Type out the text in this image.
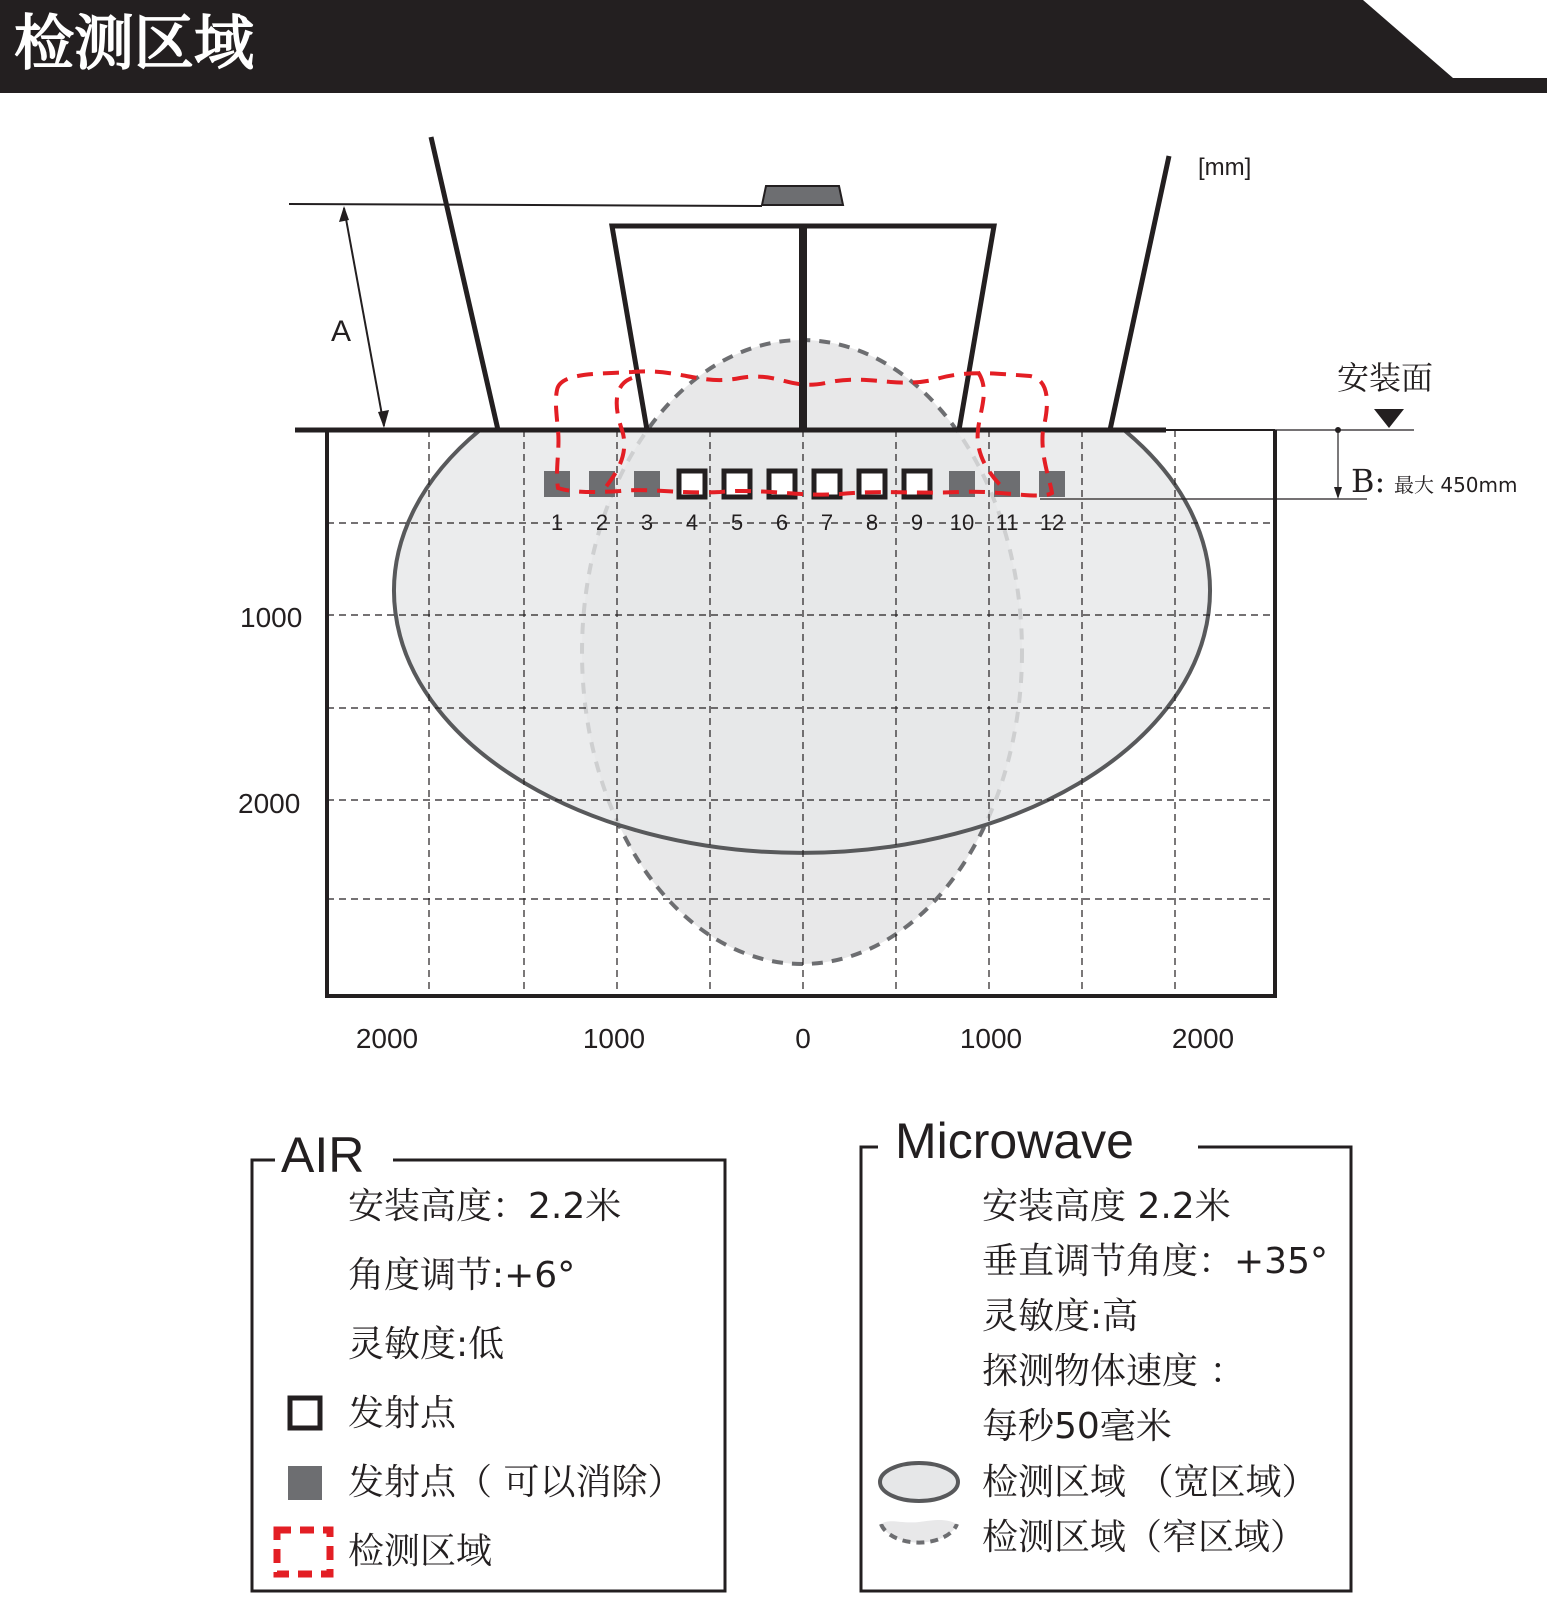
检测区域
[mm]
A
安装面
B: 最大 450mm
1 2 3 4 5 6 7 8 9 10 11 12
1000
2000
2000	1000	0	1000	2000
AIR
安装高度：2.2米
角度调节:+6°
灵敏度:低
发射点
发射点（ 可以消除）
检测区域
Microwave
安装高度 2.2米
垂直调节角度：+35°
灵敏度:高
探测物体速度 ：
每秒50毫米
检测区域 （宽区域）
检测区域（窄区域）
